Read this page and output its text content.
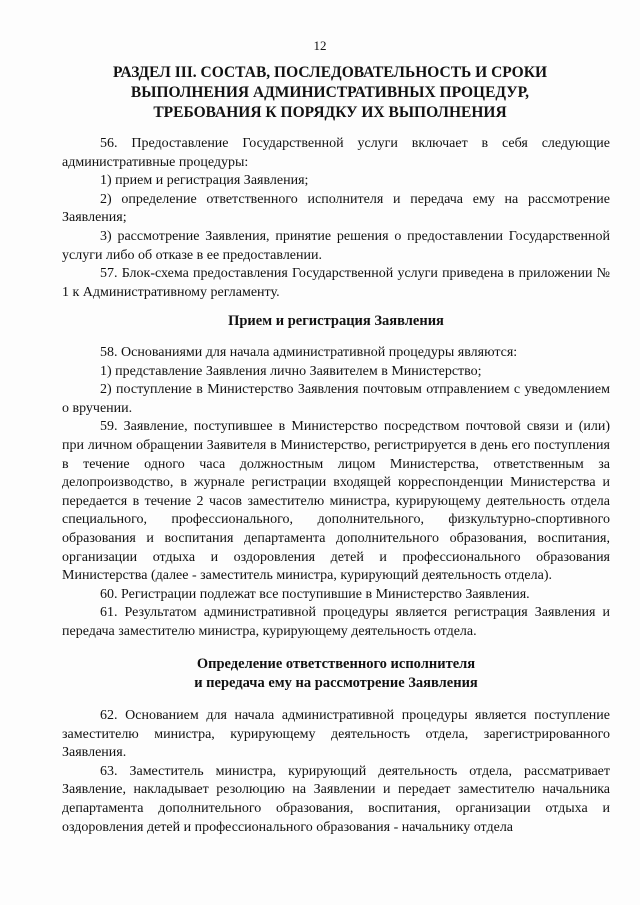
12
РАЗДЕЛ III. СОСТАВ, ПОСЛЕДОВАТЕЛЬНОСТЬ И СРОКИ
ВЫПОЛНЕНИЯ АДМИНИСТРАТИВНЫХ ПРОЦЕДУР,
ТРЕБОВАНИЯ К ПОРЯДКУ ИХ ВЫПОЛНЕНИЯ

56. Предоставление Государственной услуги включает в себя следующие административные процедуры:

1) прием и регистрация Заявления;

2) определение ответственного исполнителя и передача ему на рассмотрение Заявления;

3) рассмотрение Заявления, принятие решения о предоставлении Государственной услуги либо об отказе в ее предоставлении.

57. Блок-схема предоставления Государственной услуги приведена в приложении № 1 к Административному регламенту.

Прием и регистрация Заявления

58. Основаниями для начала административной процедуры являются:

1) представление Заявления лично Заявителем в Министерство;

2) поступление в Министерство Заявления почтовым отправлением с уведомлением о вручении.

59. Заявление, поступившее в Министерство посредством почтовой связи и (или) при личном обращении Заявителя в Министерство, регистрируется в день его поступления в течение одного часа должностным лицом Министерства, ответственным за делопроизводство, в журнале регистрации входящей корреспонденции Министерства и передается в течение 2 часов заместителю министра, курирующему деятельность отдела специального, профессионального, дополнительного, физкультурно-спортивного образования и воспитания департамента дополнительного образования, воспитания, организации отдыха и оздоровления детей и профессионального образования Министерства (далее - заместитель министра, курирующий деятельность отдела).

60. Регистрации подлежат все поступившие в Министерство Заявления.

61. Результатом административной процедуры является регистрация Заявления и передача заместителю министра, курирующему деятельность отдела.

Определение ответственного исполнителя
и передача ему на рассмотрение Заявления

62. Основанием для начала административной процедуры является поступление заместителю министра, курирующему деятельность отдела, зарегистрированного Заявления.

63. Заместитель министра, курирующий деятельность отдела, рассматривает Заявление, накладывает резолюцию на Заявлении и передает заместителю начальника департамента дополнительного образования, воспитания, организации отдыха и оздоровления детей и профессионального образования - начальнику отдела
